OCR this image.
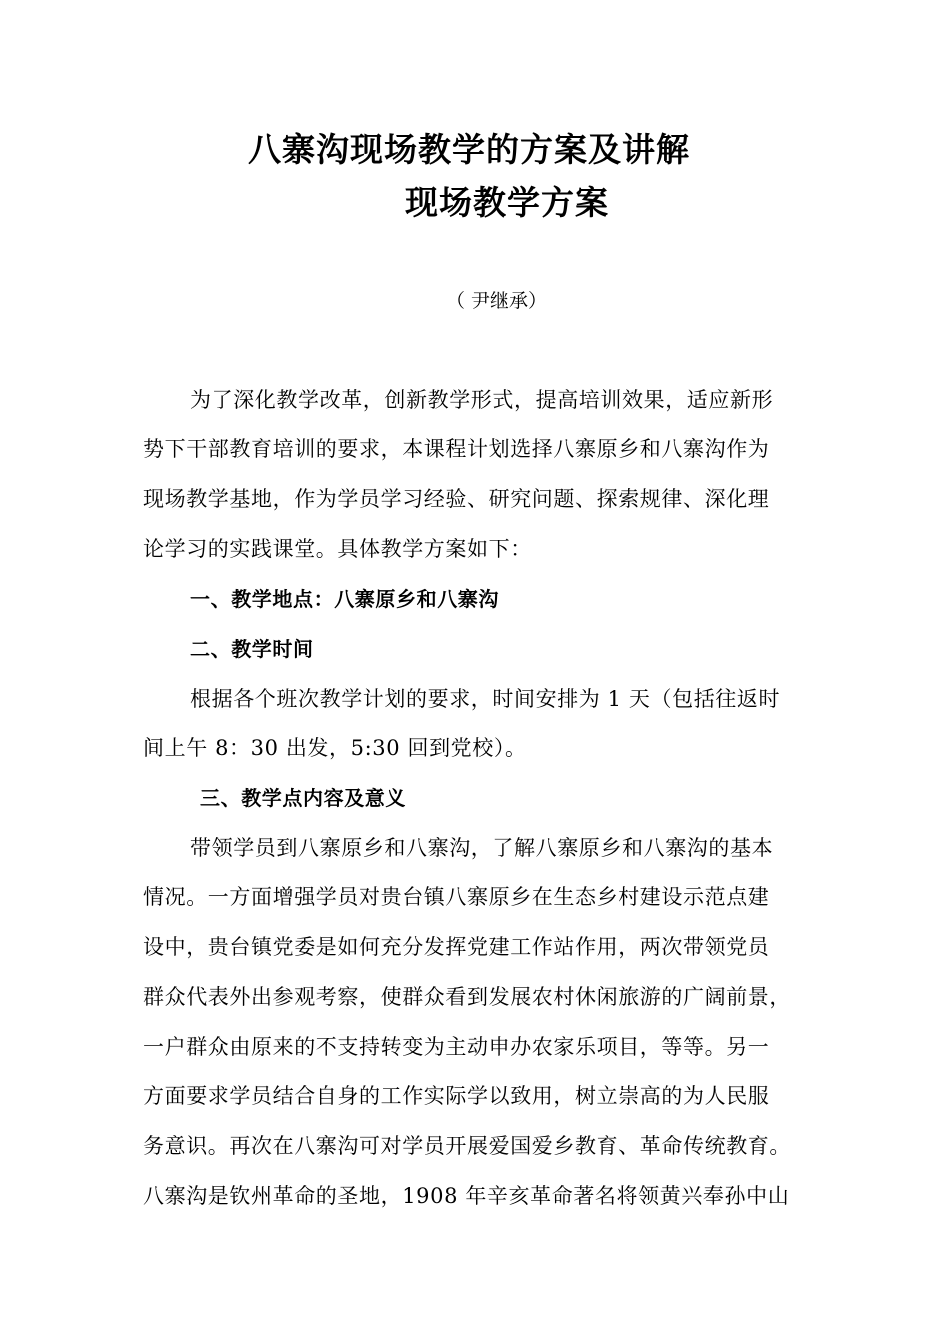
八寨沟现场教学的方案及讲解
现场教学方案
（ 尹继承）
为了深化教学改革，创新教学形式，提高培训效果，适应新形
势下干部教育培训的要求，本课程计划选择八寨原乡和八寨沟作为
现场教学基地，作为学员学习经验、研究问题、探索规律、深化理
论学习的实践课堂。具体教学方案如下：
一、教学地点：八寨原乡和八寨沟
二、教学时间
根据各个班次教学计划的要求，时间安排为 1 天（包括往返时
间上午 8：30 出发，5:30 回到党校）。
三、教学点内容及意义
带领学员到八寨原乡和八寨沟，了解八寨原乡和八寨沟的基本
情况。一方面增强学员对贵台镇八寨原乡在生态乡村建设示范点建
设中，贵台镇党委是如何充分发挥党建工作站作用，两次带领党员
群众代表外出参观考察，使群众看到发展农村休闲旅游的广阔前景，
一户群众由原来的不支持转变为主动申办农家乐项目，等等。另一
方面要求学员结合自身的工作实际学以致用，树立崇高的为人民服
务意识。再次在八寨沟可对学员开展爱国爱乡教育、革命传统教育。
八寨沟是钦州革命的圣地，1908 年辛亥革命著名将领黄兴奉孙中山
